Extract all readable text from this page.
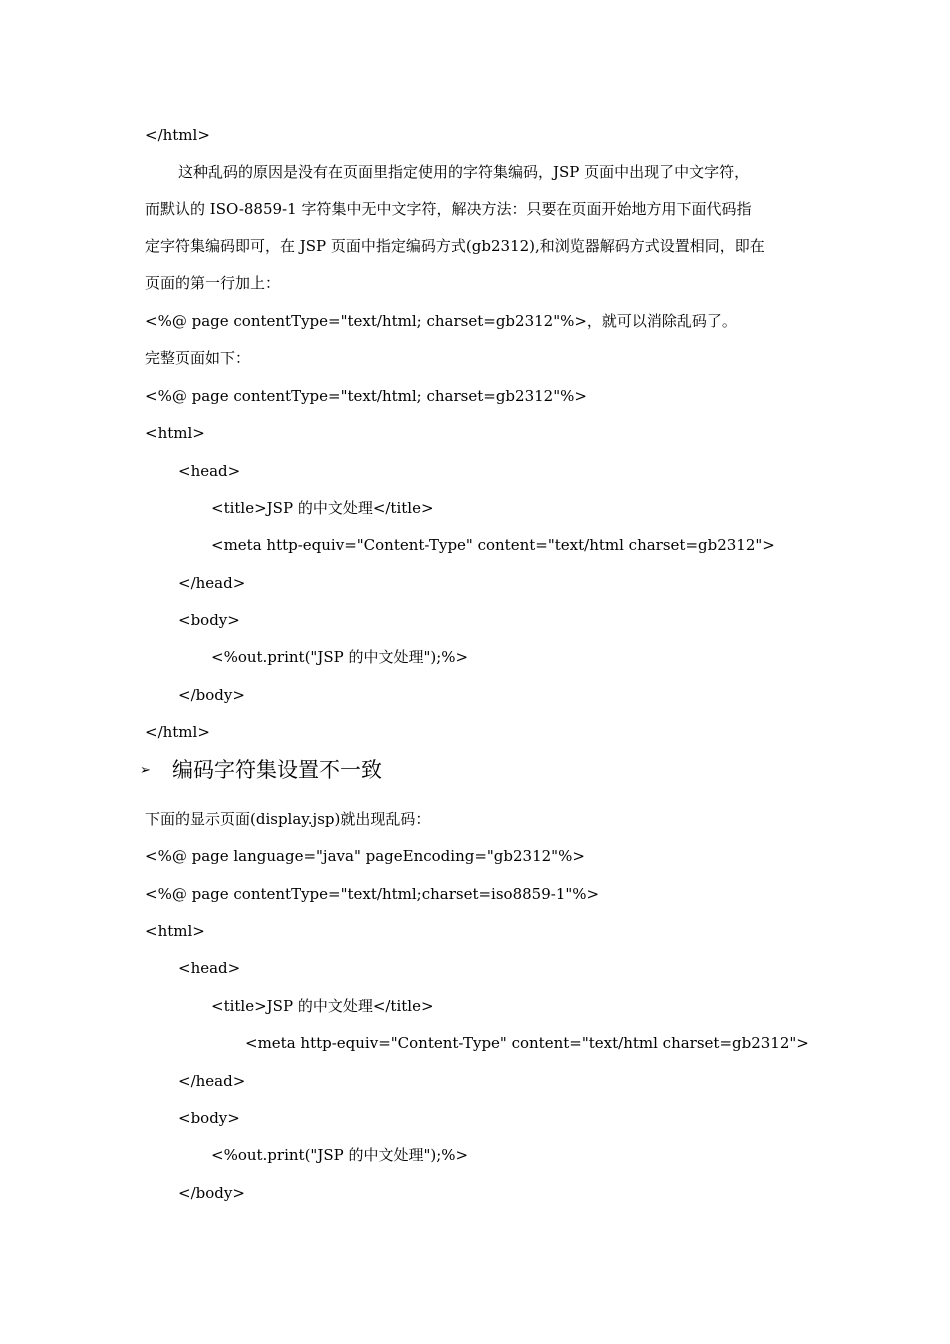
</html>
这种乱码的原因是没有在页面里指定使用的字符集编码，JSP 页面中出现了中文字符，
而默认的 ISO-8859-1 字符集中无中文字符，解决方法：只要在页面开始地方用下面代码指
定字符集编码即可，在 JSP 页面中指定编码方式(gb2312),和浏览器解码方式设置相同，即在
页面的第一行加上：
<%@ page contentType="text/html; charset=gb2312"%>，就可以消除乱码了。
完整页面如下：
<%@ page contentType="text/html; charset=gb2312"%>
<html>
<head>
<title>JSP 的中文处理</title>
<meta http-equiv="Content-Type" content="text/html charset=gb2312">
</head>
<body>
<%out.print("JSP 的中文处理");%>
</body>
</html>
➢ 编码字符集设置不一致
下面的显示页面(display.jsp)就出现乱码：
<%@ page language="java" pageEncoding="gb2312"%>
<%@ page contentType="text/html;charset=iso8859-1"%>
<html>
<head>
<title>JSP 的中文处理</title>
<meta http-equiv="Content-Type" content="text/html charset=gb2312">
</head>
<body>
<%out.print("JSP 的中文处理");%>
</body>
